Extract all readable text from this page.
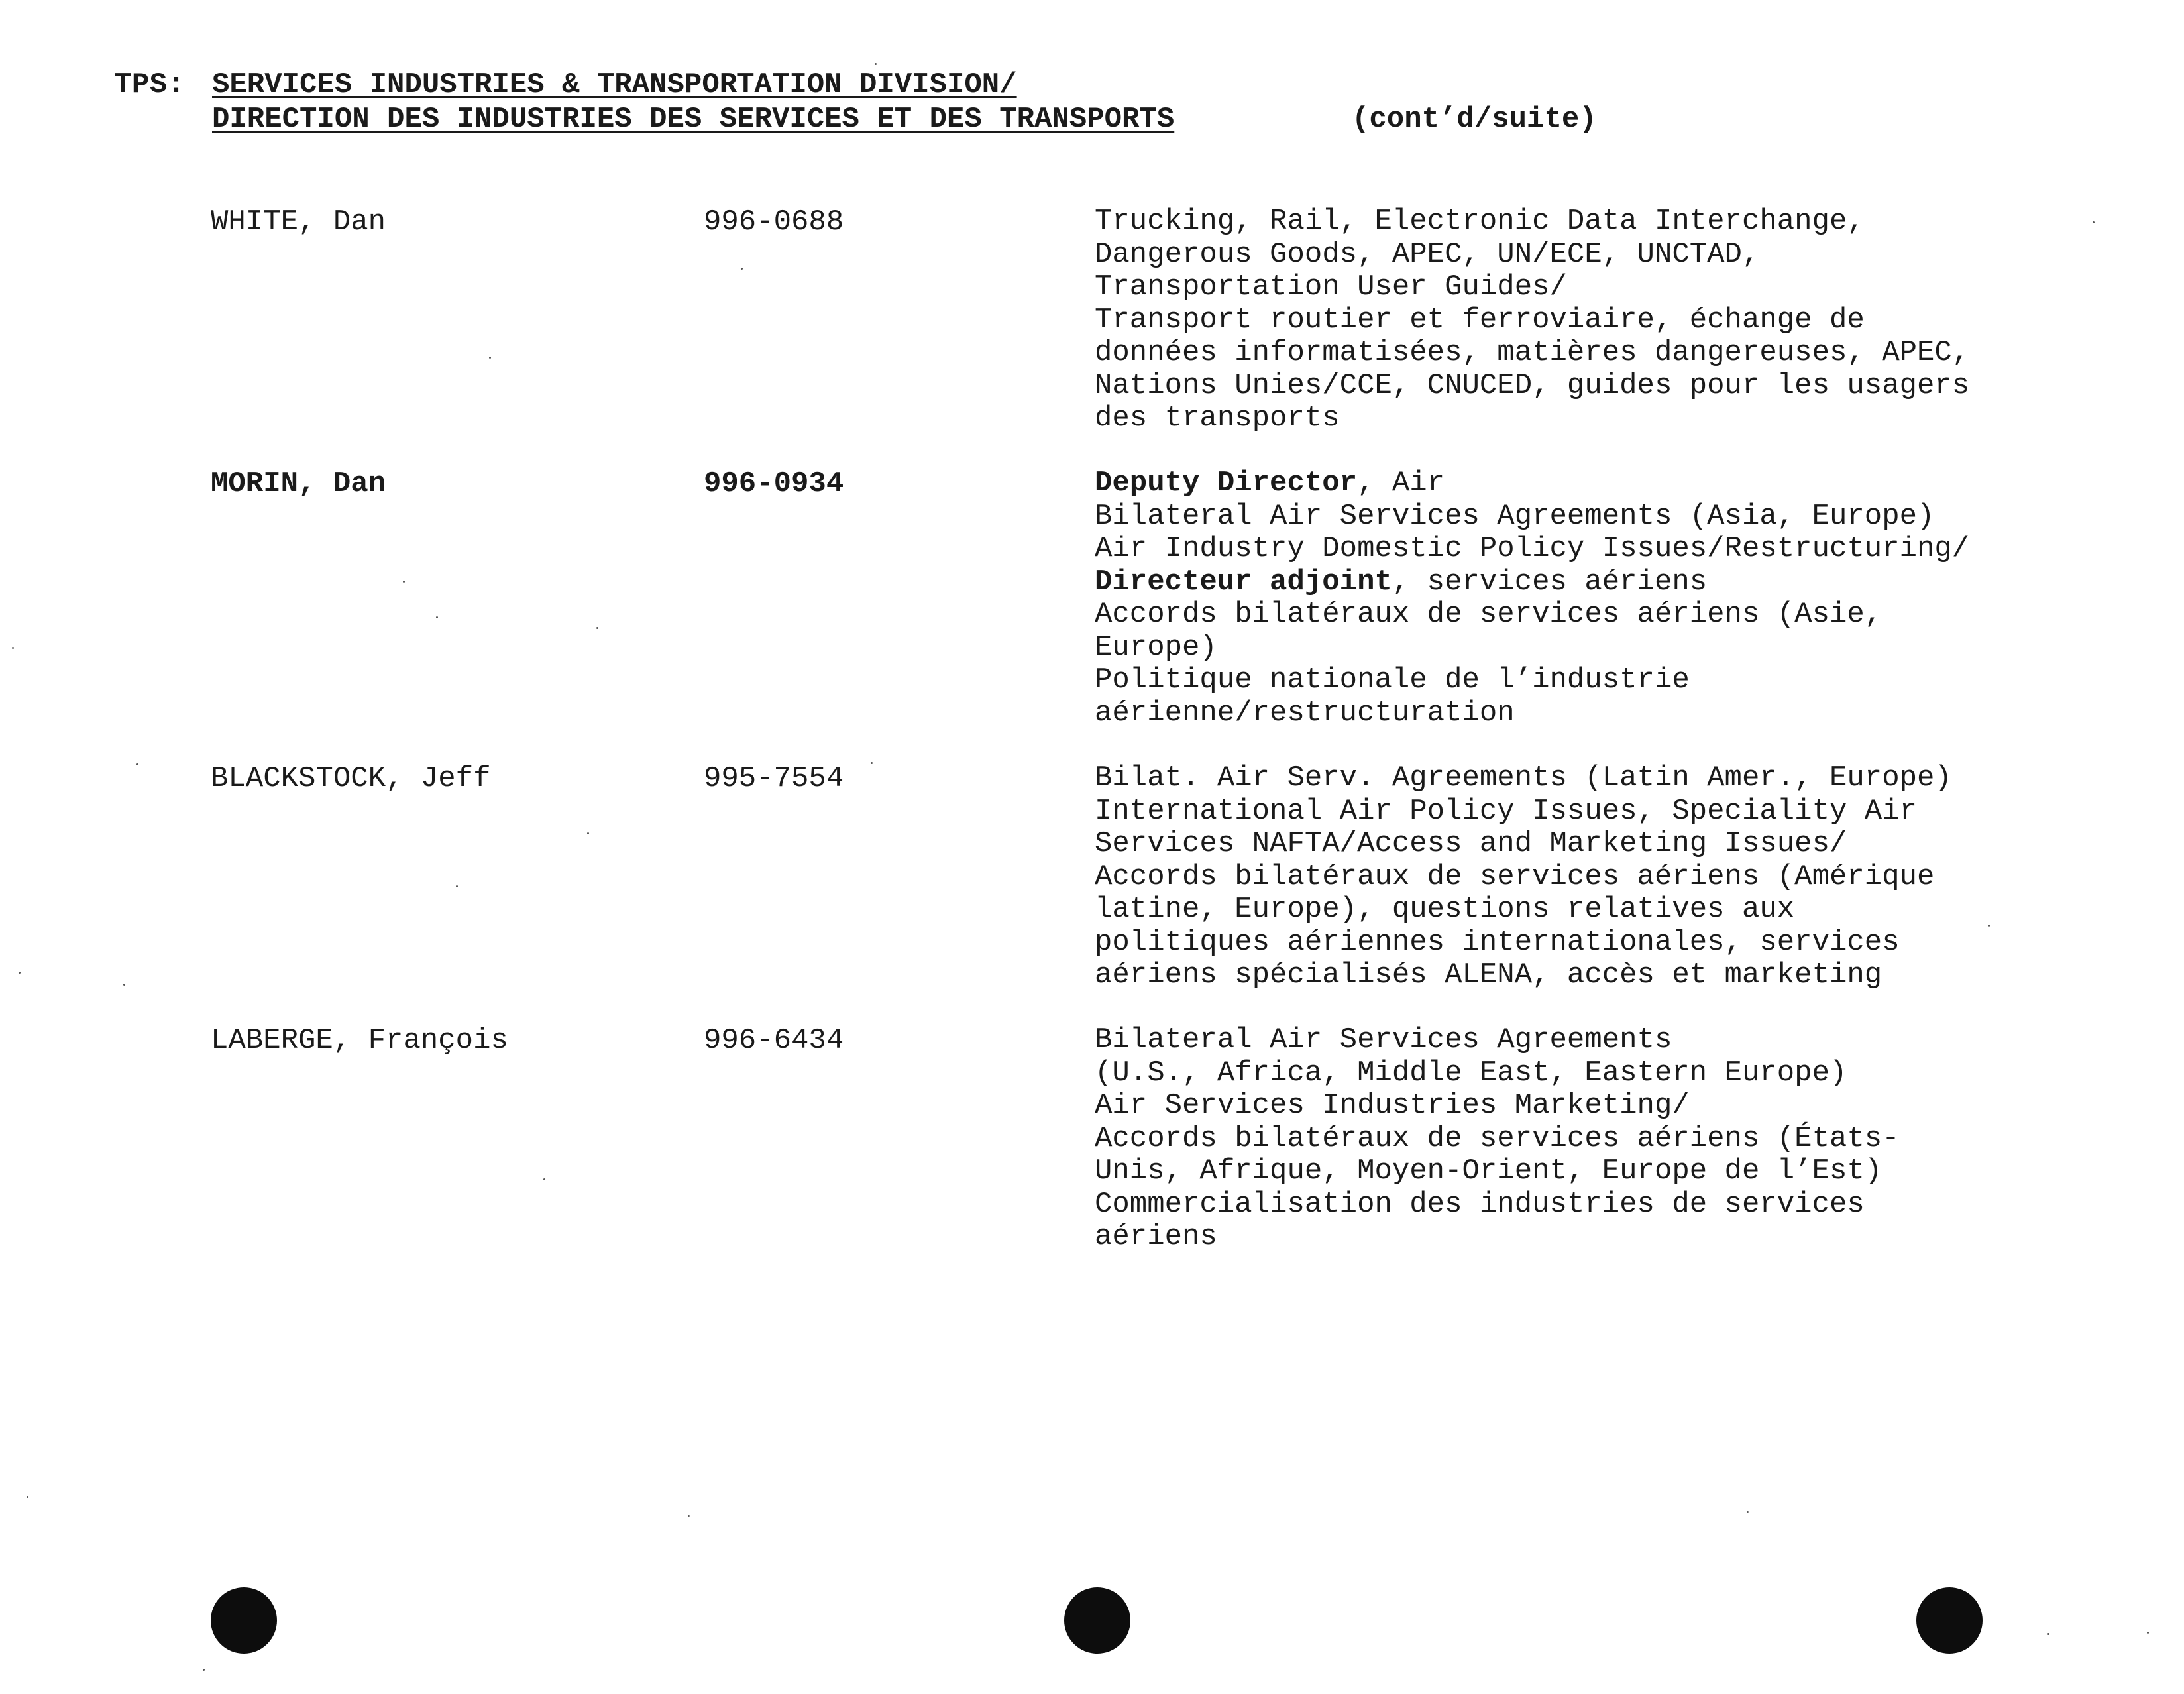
TPS: SERVICES INDUSTRIES & TRANSPORTATION DIVISION/
DIRECTION DES INDUSTRIES DES SERVICES ET DES TRANSPORTS	(cont’d/suite)
WHITE, Dan	996-0688	Trucking, Rail, Electronic Data Interchange,
Dangerous Goods, APEC, UN/ECE, UNCTAD,
Transportation User Guides/
Transport routier et ferroviaire, échange de
données informatisées, matières dangereuses, APEC,
Nations Unies/CCE, CNUCED, guides pour les usagers
des transports
MORIN, Dan	996-0934	Deputy Director, Air
Bilateral Air Services Agreements (Asia, Europe)
Air Industry Domestic Policy Issues/Restructuring/
Directeur adjoint, services aériens
Accords bilatéraux de services aériens (Asie,
Europe)
Politique nationale de l’industrie
aérienne/restructuration
BLACKSTOCK, Jeff	995-7554	Bilat. Air Serv. Agreements (Latin Amer., Europe)
International Air Policy Issues, Speciality Air
Services NAFTA/Access and Marketing Issues/
Accords bilatéraux de services aériens (Amérique
latine, Europe), questions relatives aux
politiques aériennes internationales, services
aériens spécialisés ALENA, accès et marketing
LABERGE, François	996-6434	Bilateral Air Services Agreements
(U.S., Africa, Middle East, Eastern Europe)
Air Services Industries Marketing/
Accords bilatéraux de services aériens (États-
Unis, Afrique, Moyen-Orient, Europe de l’Est)
Commercialisation des industries de services
aériens
